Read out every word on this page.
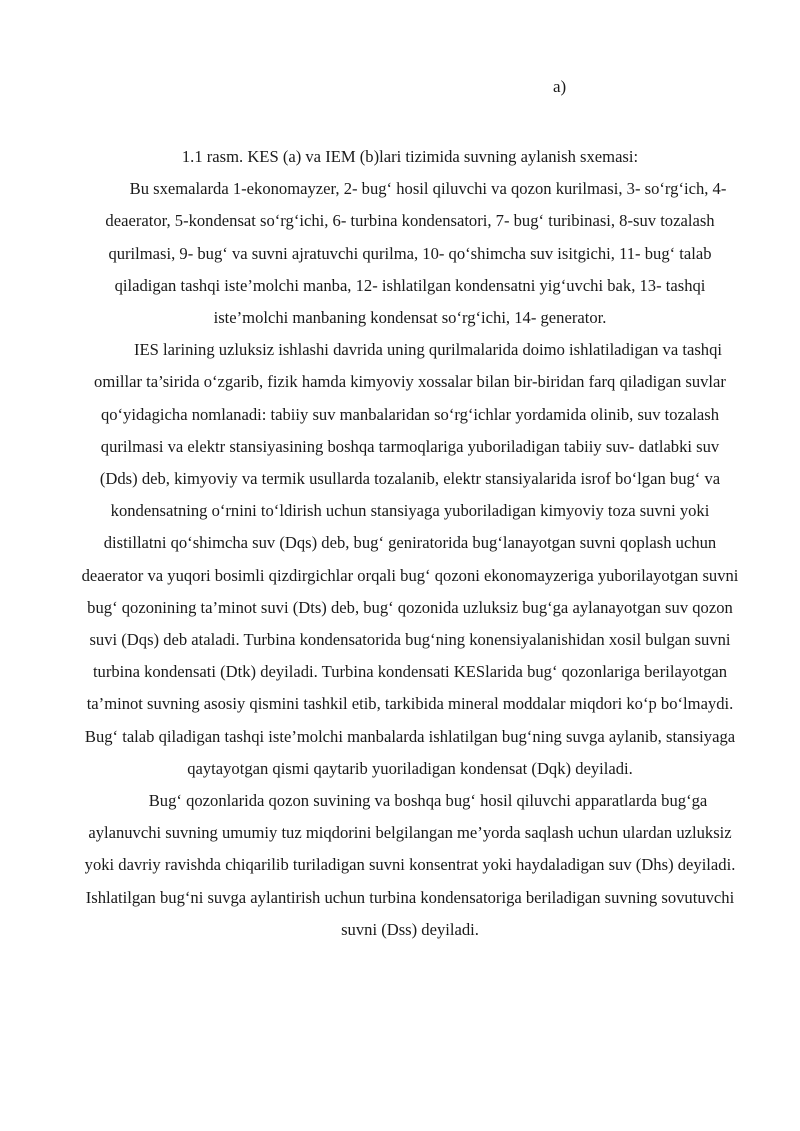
a)

1.1 rasm. KES (a) va IEM (b)lari tizimida suvning aylanish sxemasi:

Bu sxemalarda 1-ekonomayzer, 2- bug‘ hosil qiluvchi va qozon kurilmasi, 3- so‘rg‘ich, 4- deaerator, 5-kondensat so‘rg‘ichi, 6- turbina kondensatori, 7- bug‘ turibinasi, 8-suv tozalash qurilmasi, 9- bug‘ va suvni ajratuvchi qurilma, 10- qo‘shimcha suv isitgichi, 11- bug‘ talab qiladigan tashqi iste’molchi manba, 12- ishlatilgan kondensatni yig‘uvchi bak, 13- tashqi iste’molchi manbaning kondensat so‘rg‘ichi, 14- generator.

IES larining uzluksiz ishlashi davrida uning qurilmalarida doimo ishlatiladigan va tashqi omillar ta’sirida o‘zgarib, fizik hamda kimyoviy xossalar bilan bir-biridan farq qiladigan suvlar qo‘yidagicha nomlanadi: tabiiy suv manbalaridan so‘rg‘ichlar yordamida olinib, suv tozalash qurilmasi va elektr stansiyasining boshqa tarmoqlariga yuboriladigan tabiiy suv- datlabki suv (Dds) deb, kimyoviy va termik usullarda tozalanib, elektr stansiyalarida isrof bo‘lgan bug‘ va kondensatning o‘rnini to‘ldirish uchun stansiyaga yuboriladigan kimyoviy toza suvni yoki distillatni qo‘shimcha suv (Dqs) deb, bug‘ geniratorida bug‘lanayotgan suvni qoplash uchun deaerator va yuqori bosimli qizdirgichlar orqali bug‘ qozoni ekonomayzeriga yuborilayotgan suvni bug‘ qozonining ta’minot suvi (Dts) deb, bug‘ qozonida uzluksiz bug‘ga aylanayotgan suv qozon suvi (Dqs) deb ataladi. Turbina kondensatorida bug‘ning konensiyalanishidan xosil bulgan suvni turbina kondensati (Dtk) deyiladi. Turbina kondensati KESlarida bug‘ qozonlariga berilayotgan ta’minot suvning asosiy qismini tashkil etib, tarkibida mineral moddalar miqdori ko‘p bo‘lmaydi. Bug‘ talab qiladigan tashqi iste’molchi manbalarda ishlatilgan bug‘ning suvga aylanib, stansiyaga qaytayotgan qismi qaytarib yuoriladigan kondensat (Dqk) deyiladi.

Bug‘ qozonlarida qozon suvining va boshqa bug‘ hosil qiluvchi apparatlarda bug‘ga aylanuvchi suvning umumiy tuz miqdorini belgilangan me’yorda saqlash uchun ulardan uzluksiz yoki davriy ravishda chiqarilib turiladigan suvni konsentrat yoki haydaladigan suv (Dhs) deyiladi. Ishlatilgan bug‘ni suvga aylantirish uchun turbina kondensatoriga beriladigan suvning sovutuvchi suvni (Dss) deyiladi.
